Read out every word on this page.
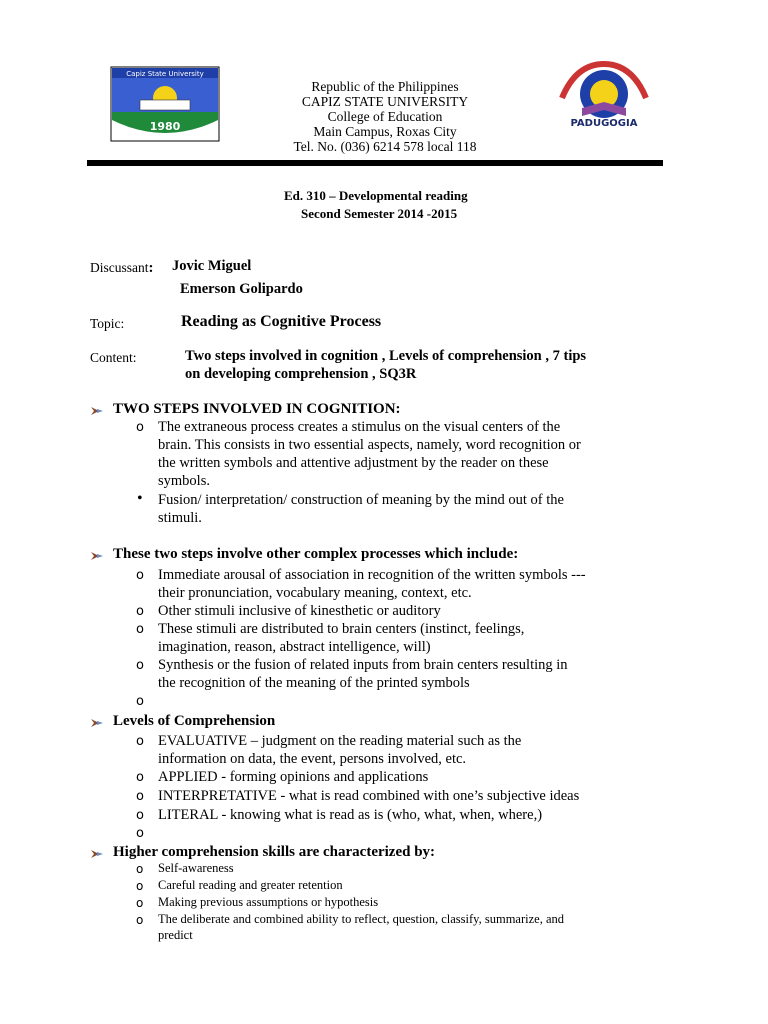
Capiz State University
1980	PADUGOGIA
Republic of the Philippines
CAPIZ STATE UNIVERSITY
College of Education
Main Campus, Roxas City
Tel. No. (036) 6214 578 local 118
Ed. 310 – Developmental reading
Second Semester 2014 -2015
Discussant: Jovic Miguel
Emerson Golipardo
Topic:	Reading as Cognitive Process
Content:	Two steps involved in cognition , Levels of comprehension , 7 tips
on developing comprehension , SQ3R
TWO STEPS INVOLVED IN COGNITION:
o The extraneous process creates a stimulus on the visual centers of the
brain. This consists in two essential aspects, namely, word recognition or
the written symbols and attentive adjustment by the reader on these
symbols.
• Fusion/ interpretation/ construction of meaning by the mind out of the
stimuli.
These two steps involve other complex processes which include:
o Immediate arousal of association in recognition of the written symbols ---
their pronunciation, vocabulary meaning, context, etc.
o Other stimuli inclusive of kinesthetic or auditory
o These stimuli are distributed to brain centers (instinct, feelings,
imagination, reason, abstract intelligence, will)
o Synthesis or the fusion of related inputs from brain centers resulting in
the recognition of the meaning of the printed symbols
o
Levels of Comprehension
o EVALUATIVE – judgment on the reading material such as the
information on data, the event, persons involved, etc.
o APPLIED - forming opinions and applications
o INTERPRETATIVE - what is read combined with one’s subjective ideas
o LITERAL - knowing what is read as is (who, what, when, where,)
o
Higher comprehension skills are characterized by:
o Self-awareness
o Careful reading and greater retention
o Making previous assumptions or hypothesis
o The deliberate and combined ability to reflect, question, classify, summarize, and
predict
